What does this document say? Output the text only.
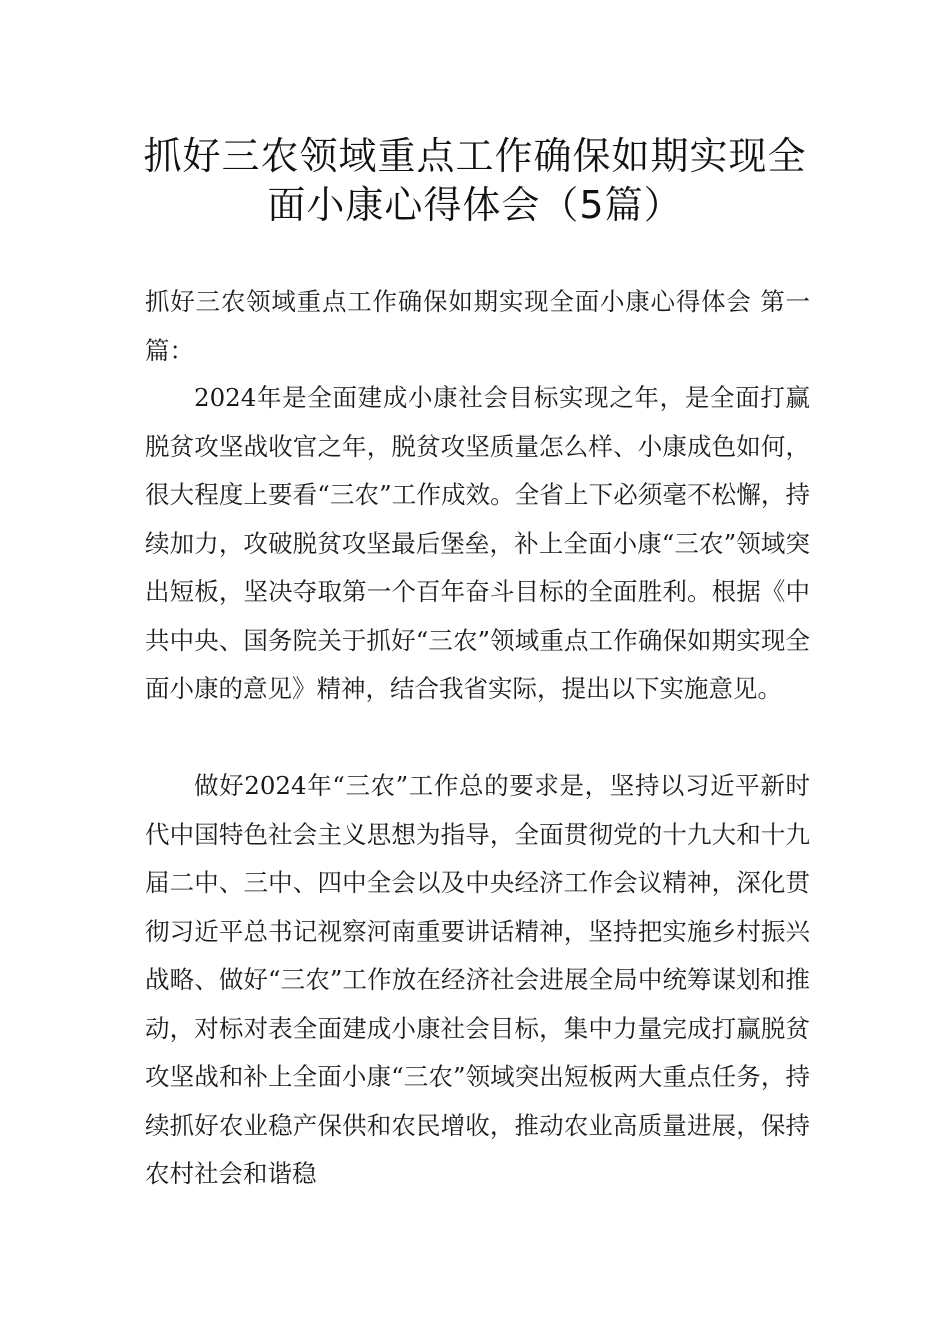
抓好三农领域重点工作确保如期实现全
面小康心得体会（5篇）

抓好三农领域重点工作确保如期实现全面小康心得体会 第一篇：

2024年是全面建成小康社会目标实现之年，是全面打赢脱贫攻坚战收官之年，脱贫攻坚质量怎么样、小康成色如何，很大程度上要看“三农”工作成效。全省上下必须毫不松懈，持续加力，攻破脱贫攻坚最后堡垒，补上全面小康“三农”领域突出短板，坚决夺取第一个百年奋斗目标的全面胜利。根据《中共中央、国务院关于抓好“三农”领域重点工作确保如期实现全面小康的意见》精神，结合我省实际，提出以下实施意见。

做好2024年“三农”工作总的要求是，坚持以习近平新时代中国特色社会主义思想为指导，全面贯彻党的十九大和十九届二中、三中、四中全会以及中央经济工作会议精神，深化贯彻习近平总书记视察河南重要讲话精神，坚持把实施乡村振兴战略、做好“三农”工作放在经济社会进展全局中统筹谋划和推动，对标对表全面建成小康社会目标，集中力量完成打赢脱贫攻坚战和补上全面小康“三农”领域突出短板两大重点任务，持续抓好农业稳产保供和农民增收，推动农业高质量进展，保持农村社会和谐稳
